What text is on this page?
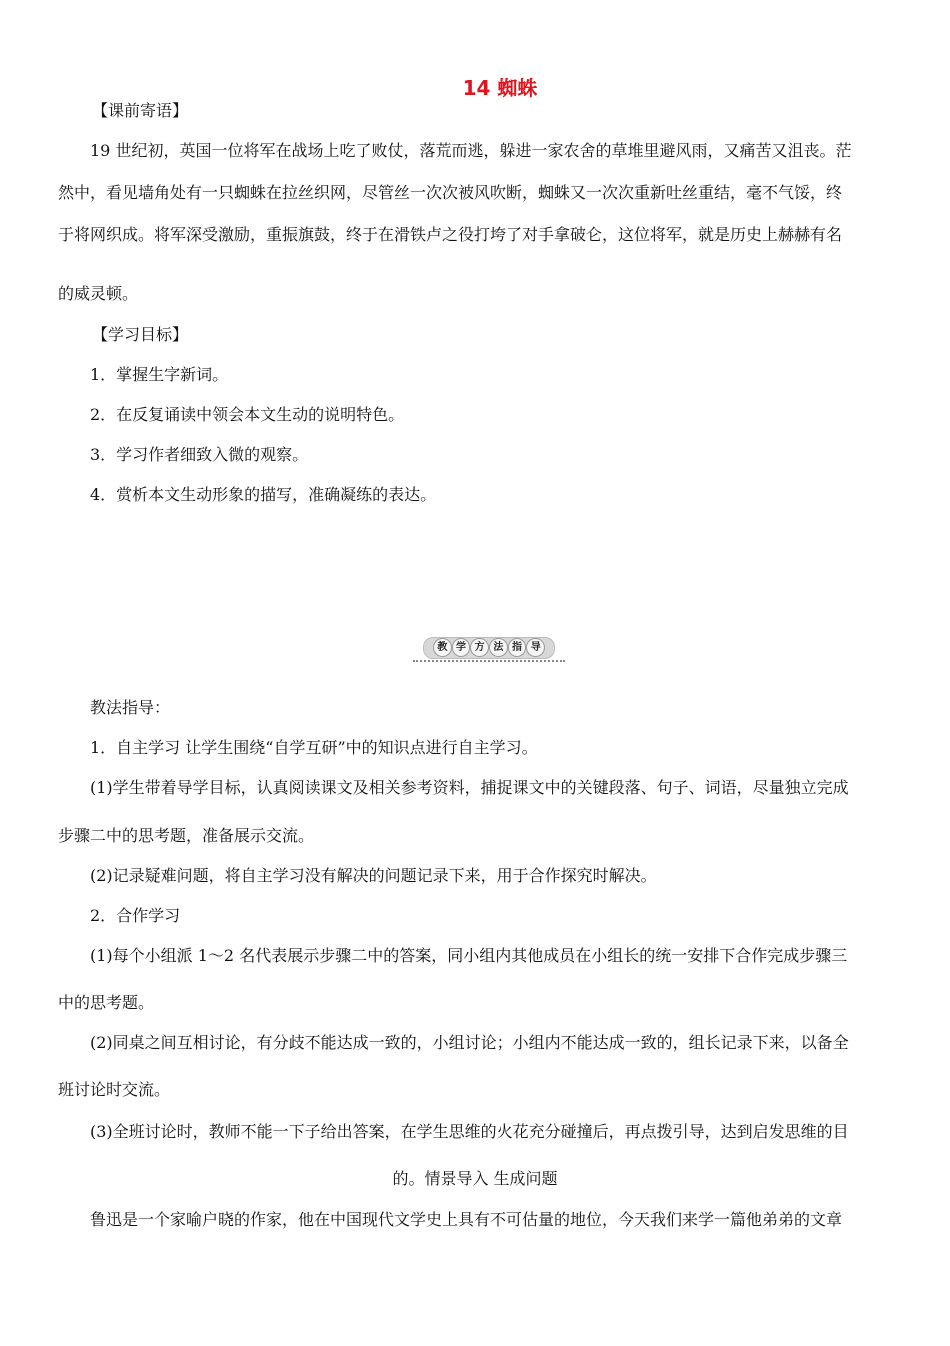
14 蜘蛛
【课前寄语】
19 世纪初，英国一位将军在战场上吃了败仗，落荒而逃，躲进一家农舍的草堆里避风雨，又痛苦又沮丧。茫
然中，看见墙角处有一只蜘蛛在拉丝织网，尽管丝一次次被风吹断，蜘蛛又一次次重新吐丝重结，毫不气馁，终
于将网织成。将军深受激励，重振旗鼓，终于在滑铁卢之役打垮了对手拿破仑，这位将军，就是历史上赫赫有名
的威灵顿。
【学习目标】
1．掌握生字新词。
2．在反复诵读中领会本文生动的说明特色。
3．学习作者细致入微的观察。
4．赏析本文生动形象的描写，准确凝练的表达。
教 学 方 法 指 导
教法指导：
1．自主学习 让学生围绕“自学互研”中的知识点进行自主学习。
(1)学生带着导学目标，认真阅读课文及相关参考资料，捕捉课文中的关键段落、句子、词语，尽量独立完成
步骤二中的思考题，准备展示交流。
(2)记录疑难问题，将自主学习没有解决的问题记录下来，用于合作探究时解决。
2．合作学习
(1)每个小组派 1～2 名代表展示步骤二中的答案，同小组内其他成员在小组长的统一安排下合作完成步骤三
中的思考题。
(2)同桌之间互相讨论，有分歧不能达成一致的，小组讨论；小组内不能达成一致的，组长记录下来，以备全
班讨论时交流。
(3)全班讨论时，教师不能一下子给出答案，在学生思维的火花充分碰撞后，再点拨引导，达到启发思维的目
的。情景导入 生成问题
鲁迅是一个家喻户晓的作家，他在中国现代文学史上具有不可估量的地位，今天我们来学一篇他弟弟的文章
